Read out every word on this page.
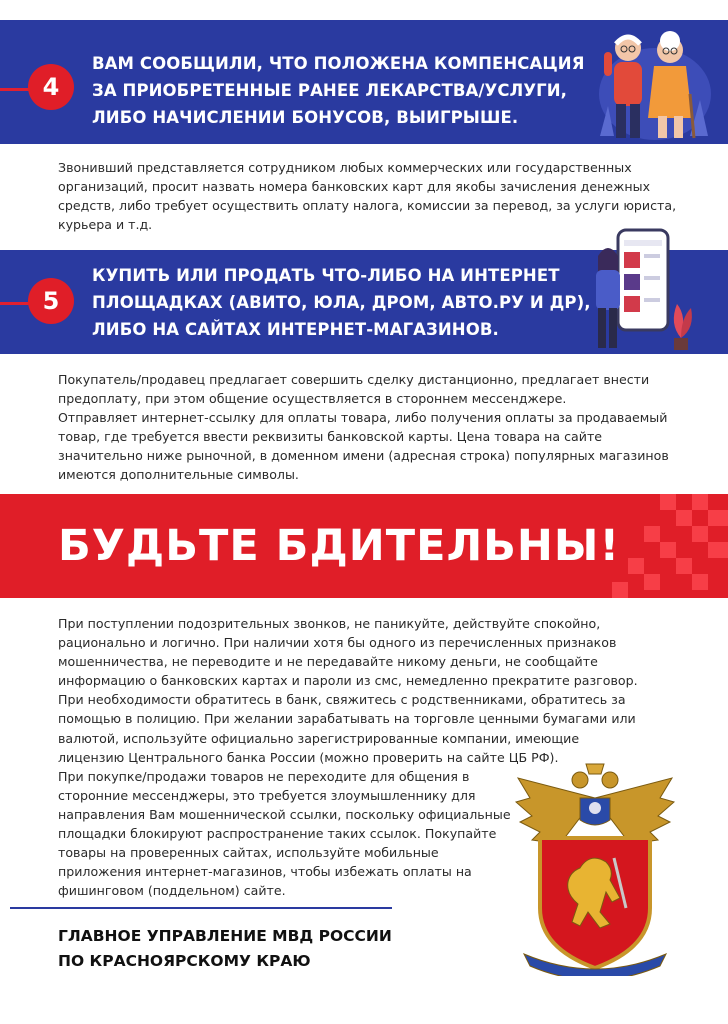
4
ВАМ СООБЩИЛИ, ЧТО ПОЛОЖЕНА КОМПЕНСАЦИЯ ЗА ПРИОБРЕТЕННЫЕ РАНЕЕ ЛЕКАРСТВА/УСЛУГИ, ЛИБО НАЧИСЛЕНИИ БОНУСОВ, ВЫИГРЫШЕ.
Звонивший представляется сотрудником любых коммерческих или государственных организаций, просит назвать номера банковских карт для якобы зачисления денежных средств, либо требует осуществить оплату налога, комиссии за перевод, за услуги юриста, курьера и т.д.
5
КУПИТЬ ИЛИ ПРОДАТЬ ЧТО-ЛИБО НА ИНТЕРНЕТ ПЛОЩАДКАХ (АВИТО, ЮЛА, ДРОМ, АВТО.РУ И ДР), ЛИБО НА САЙТАХ ИНТЕРНЕТ-МАГАЗИНОВ.
Покупатель/продавец предлагает совершить сделку дистанционно, предлагает внести предоплату, при этом общение осуществляется в стороннем мессенджере.
Отправляет интернет-ссылку для оплаты товара, либо получения оплаты за продаваемый товар, где требуется ввести реквизиты банковской карты. Цена товара на сайте значительно ниже рыночной, в доменном имени (адресная строка) популярных магазинов имеются дополнительные символы.
БУДЬТЕ БДИТЕЛЬНЫ!
При поступлении подозрительных звонков, не паникуйте, действуйте спокойно, рационально и логично. При наличии хотя бы одного из перечисленных признаков мошенничества, не переводите и не передавайте никому деньги, не сообщайте информацию о банковских картах и пароли из смс, немедленно прекратите разговор. При необходимости обратитесь в банк, свяжитесь с родственниками, обратитесь за помощью в полицию. При желании зарабатывать на торговле ценными бумагами или валютой, используйте официально зарегистрированные компании, имеющие лицензию Центрального банка России (можно проверить на сайте ЦБ РФ).

При покупке/продажи товаров не переходите для общения в сторонние мессенджеры, это требуется злоумышленнику для направления Вам мошеннической ссылки, поскольку официальные площадки блокируют распространение таких ссылок. Покупайте товары на проверенных сайтах, используйте мобильные приложения интернет-магазинов, чтобы избежать оплаты на фишинговом (поддельном) сайте.
ГЛАВНОЕ УПРАВЛЕНИЕ МВД РОССИИ ПО КРАСНОЯРСКОМУ КРАЮ
